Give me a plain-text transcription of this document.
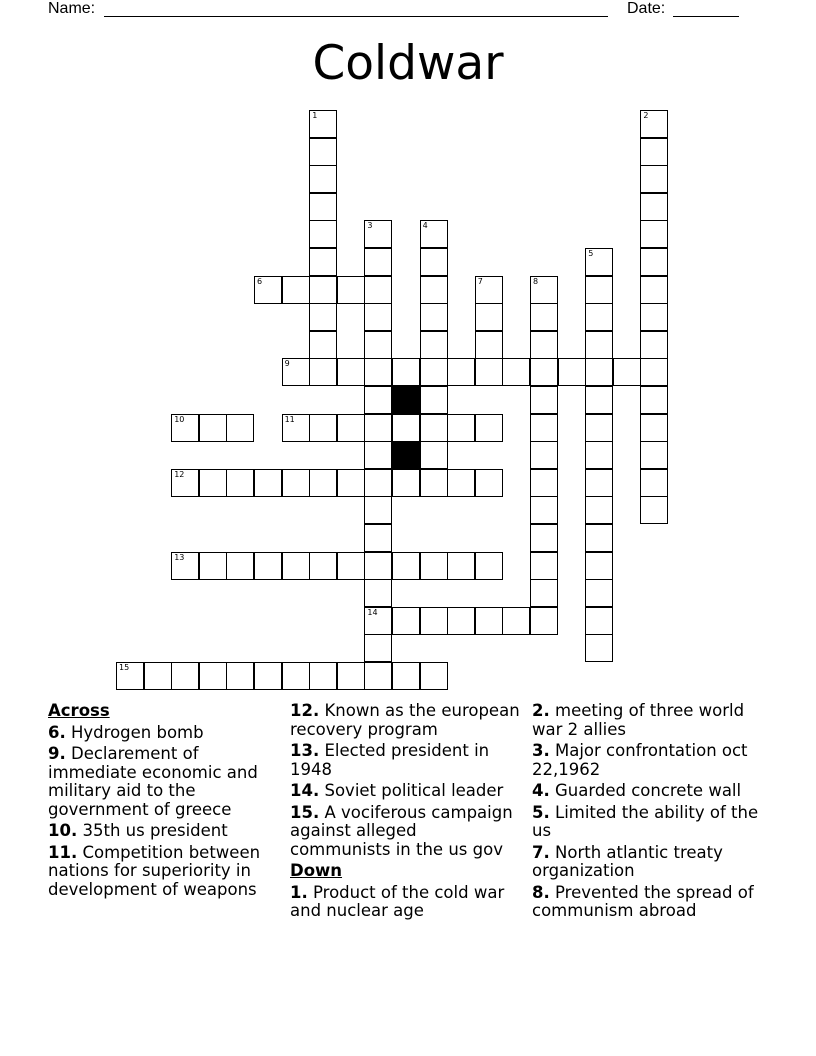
Name:	Date:
Coldwar
1	2
3
14
4
5
7	8
6
9
10	11
12
13
15
Across
6. Hydrogen bomb
9. Declarement of immediate economic and military aid to the government of greece
10. 35th us president
11. Competition between nations for superiority in development of weapons
12. Known as the european recovery program
13. Elected president in 1948
14. Soviet political leader
15. A vociferous campaign against alleged communists in the us gov
Down
1. Product of the cold war and nuclear age
2. meeting of three world war 2 allies
3. Major confrontation oct 22,1962
4. Guarded concrete wall
5. Limited the ability of the us
7. North atlantic treaty organization
8. Prevented the spread of communism abroad
